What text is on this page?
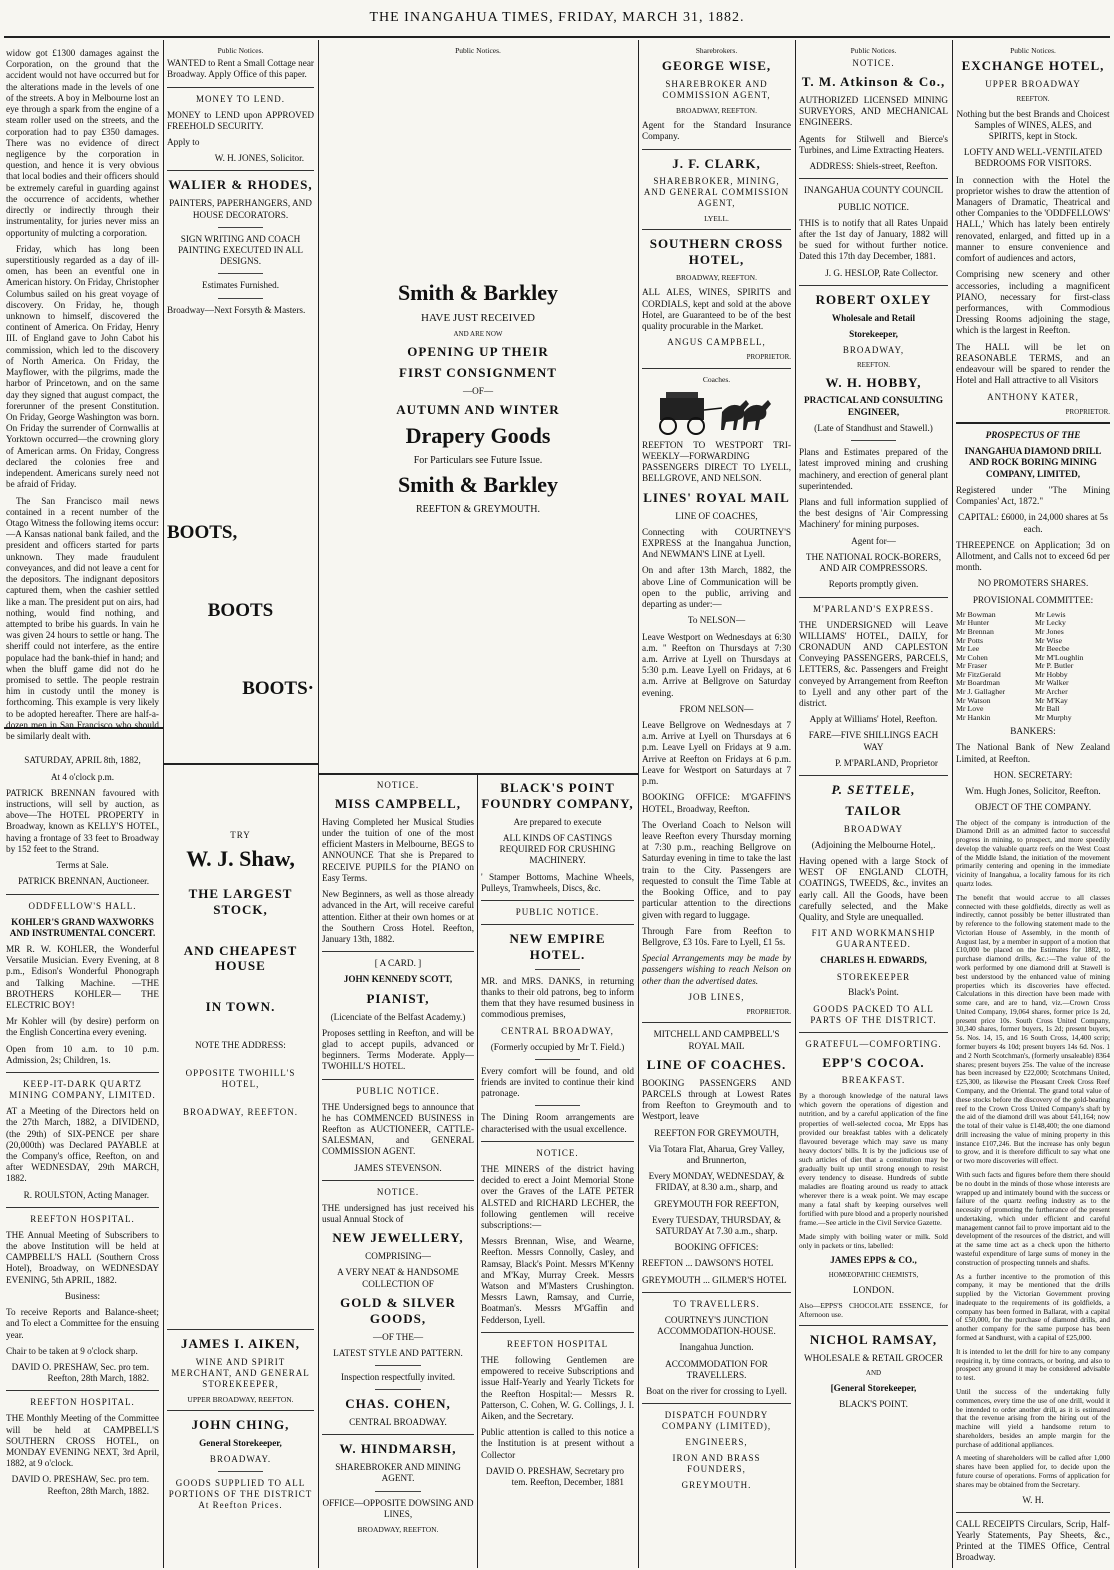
THE INANGAHUA TIMES, FRIDAY, MARCH 31, 1882.

widow got £1300 damages against the Corporation, on the ground that the accident would not have occurred but for the alterations made in the levels of one of the streets. A boy in Melbourne lost an eye through a spark from the engine of a steam roller used on the streets, and the corporation had to pay £350 damages. There was no evidence of direct negligence by the corporation in question, and hence it is very obvious that local bodies and their officers should be extremely careful in guarding against the occurrence of accidents, whether directly or indirectly through their instrumentality, for juries never miss an opportunity of mulcting a corporation.

Friday, which has long been superstitiously regarded as a day of ill-omen, has been an eventful one in American history. On Friday, Christopher Columbus sailed on his great voyage of discovery. On Friday, he, though unknown to himself, discovered the continent of America. On Friday, Henry III. of England gave to John Cabot his commission, which led to the discovery of North America. On Friday, the Mayflower, with the pilgrims, made the harbor of Princetown, and on the same day they signed that august compact, the forerunner of the present Constitution. On Friday, George Washington was born. On Friday the surrender of Cornwallis at Yorktown occurred—the crowning glory of American arms. On Friday, Congress declared the colonies free and independent. Americans surely need not be afraid of Friday.

The San Francisco mail news contained in a recent number of the Otago Witness the following items occur:—A Kansas national bank failed, and the president and officers started for parts unknown. They made fraudulent conveyances, and did not leave a cent for the depositors. The indignant depositors captured them, when the cashier settled like a man. The president put on airs, had nothing, would find nothing, and attempted to bribe his guards. In vain he was given 24 hours to settle or hang. The sheriff could not interfere, as the entire populace had the bank-thief in hand; and when the bluff game did not do he promised to settle. The people restrain him in custody until the money is forthcoming. This example is very likely to be adopted hereafter. There are half-a-dozen men in San Francisco who should be similarly dealt with.

SATURDAY, APRIL 8th, 1882,

At 4 o'clock p.m.

PATRICK BRENNAN favoured with instructions, will sell by auction, as above—The HOTEL PROPERTY in Broadway, known as KELLY'S HOTEL, having a frontage of 33 feet to Broadway by 152 feet to the Strand.

Terms at Sale.

PATRICK BRENNAN, Auctioneer.

ODDFELLOW'S HALL.

KOHLER'S GRAND WAXWORKS AND INSTRUMENTAL CONCERT.

MR R. W. KOHLER, the Wonderful Versatile Musician. Every Evening, at 8 p.m., Edison's Wonderful Phonograph and Talking Machine. —THE BROTHERS KOHLER— THE ELECTRIC BOY!

Mr Kohler will (by desire) perform on the English Concertina every evening.

Open from 10 a.m. to 10 p.m. Admission, 2s; Children, 1s.

KEEP-IT-DARK QUARTZ MINING COMPANY, LIMITED.

AT a Meeting of the Directors held on the 27th March, 1882, a DIVIDEND, (the 29th) of SIX-PENCE per share (20,000th) was Declared PAYABLE at the Company's office, Reefton, on and after WEDNESDAY, 29th MARCH, 1882.

R. ROULSTON, Acting Manager.

REEFTON HOSPITAL.

THE Annual Meeting of Subscribers to the above Institution will be held at CAMPBELL'S HALL (Southern Cross Hotel), Broadway, on WEDNESDAY EVENING, 5th APRIL, 1882.

Business:

To receive Reports and Balance-sheet; and To elect a Committee for the ensuing year.

Chair to be taken at 9 o'clock sharp.

DAVID O. PRESHAW, Sec. pro tem. Reefton, 28th March, 1882.

REEFTON HOSPITAL.

THE Monthly Meeting of the Committee will be held at CAMPBELL'S SOUTHERN CROSS HOTEL, on MONDAY EVENING NEXT, 3rd April, 1882, at 9 o'clock.

DAVID O. PRESHAW, Sec. pro tem. Reefton, 28th March, 1882.

Public Notices.

WANTED to Rent a Small Cottage near Broadway. Apply Office of this paper.

MONEY TO LEND.

MONEY to LEND upon APPROVED FREEHOLD SECURITY.

Apply to

W. H. JONES, Solicitor.

WALIER & RHODES,

PAINTERS, PAPERHANGERS, AND HOUSE DECORATORS.

SIGN WRITING AND COACH PAINTING EXECUTED IN ALL DESIGNS.

Estimates Furnished.

Broadway—Next Forsyth & Masters.

BOOTS,

BOOTS

BOOTS·

Public Notices.

Smith & Barkley

HAVE JUST RECEIVED

AND ARE NOW

OPENING UP THEIR

FIRST CONSIGNMENT

—OF—

AUTUMN AND WINTER

Drapery Goods

For Particulars see Future Issue.

Smith & Barkley

REEFTON & GREYMOUTH.

TRY

W. J. Shaw,

THE LARGEST STOCK,

AND CHEAPEST HOUSE

IN TOWN.

NOTE THE ADDRESS:

OPPOSITE TWOHILL'S HOTEL,

BROADWAY, REEFTON.

JAMES I. AIKEN,

WINE AND SPIRIT MERCHANT, AND GENERAL STOREKEEPER,

UPPER BROADWAY, REEFTON.

JOHN CHING,

General Storekeeper,

BROADWAY.

GOODS SUPPLIED TO ALL PORTIONS OF THE DISTRICT At Reefton Prices.

NOTICE.

MISS CAMPBELL,

Having Completed her Musical Studies under the tuition of one of the most efficient Masters in Melbourne, BEGS to ANNOUNCE That she is Prepared to RECEIVE PUPILS for the PIANO on Easy Terms.

New Beginners, as well as those already advanced in the Art, will receive careful attention. Either at their own homes or at the Southern Cross Hotel. Reefton, January 13th, 1882.

[ A CARD. ]

JOHN KENNEDY SCOTT,

PIANIST,

(Licenciate of the Belfast Academy.)

Proposes settling in Reefton, and will be glad to accept pupils, advanced or beginners. Terms Moderate. Apply—TWOHILL'S HOTEL.

PUBLIC NOTICE.

THE Undersigned begs to announce that he has COMMENCED BUSINESS in Reefton as AUCTIONEER, CATTLE-SALESMAN, and GENERAL COMMISSION AGENT.

JAMES STEVENSON.

NOTICE.

THE undersigned has just received his usual Annual Stock of

NEW JEWELLERY,

COMPRISING—

A VERY NEAT & HANDSOME COLLECTION OF

GOLD & SILVER GOODS,

—OF THE—

LATEST STYLE AND PATTERN.

Inspection respectfully invited.

CHAS. COHEN,

CENTRAL BROADWAY.

W. HINDMARSH,

SHAREBROKER AND MINING AGENT.

OFFICE—OPPOSITE DOWSING AND LINES,

BROADWAY, REEFTON.

BLACK'S POINT FOUNDRY COMPANY,

Are prepared to execute

ALL KINDS OF CASTINGS REQUIRED FOR CRUSHING MACHINERY.

' Stamper Bottoms, Machine Wheels, Pulleys, Tramwheels, Discs, &c.

PUBLIC NOTICE.

NEW EMPIRE HOTEL.

MR. and MRS. DANKS, in returning thanks to their old patrons, beg to inform them that they have resumed business in commodious premises,

CENTRAL BROADWAY,

(Formerly occupied by Mr T. Field.)

Every comfort will be found, and old friends are invited to continue their kind patronage.

The Dining Room arrangements are characterised with the usual excellence.

NOTICE.

THE MINERS of the district having decided to erect a Joint Memorial Stone over the Graves of the LATE PETER ALSTED and RICHARD LECHER, the following gentlemen will receive subscriptions:—

Messrs Brennan, Wise, and Wearne, Reefton. Messrs Connolly, Casley, and Ramsay, Black's Point. Messrs M'Kenny and M'Kay, Murray Creek. Messrs Watson and M'Masters Crushington. Messrs Lawn, Ramsay, and Currie, Boatman's. Messrs M'Gaffin and Fedderson, Lyell.

REEFTON HOSPITAL

THE following Gentlemen are empowered to receive Subscriptions and issue Half-Yearly and Yearly Tickets for the Reefton Hospital:— Messrs R. Patterson, C. Cohen, W. G. Collings, J. I. Aiken, and the Secretary.

Public attention is called to this notice a the Institution is at present without a Collector

DAVID O. PRESHAW, Secretary pro tem. Reefton, December, 1881

Sharebrokers.

GEORGE WISE,

SHAREBROKER AND COMMISSION AGENT,

BROADWAY, REEFTON.

Agent for the Standard Insurance Company.

J. F. CLARK,

SHAREBROKER, MINING, AND GENERAL COMMISSION AGENT,

LYELL.

SOUTHERN CROSS HOTEL,

BROADWAY, REEFTON.

ALL ALES, WINES, SPIRITS and CORDIALS, kept and sold at the above Hotel, are Guaranteed to be of the best quality procurable in the Market.

ANGUS CAMPBELL,

PROPRIETOR.

Coaches.

REEFTON TO WESTPORT TRI-WEEKLY—FORWARDING PASSENGERS DIRECT TO LYELL, BELLGROVE, AND NELSON.

LINES' ROYAL MAIL

LINE OF COACHES,

Connecting with COURTNEY'S EXPRESS at the Inangahua Junction, And NEWMAN'S LINE at Lyell.

On and after 13th March, 1882, the above Line of Communication will be open to the public, arriving and departing as under:—

To NELSON—

Leave Westport on Wednesdays at 6:30 a.m. " Reefton on Thursdays at 7:30 a.m. Arrive at Lyell on Thursdays at 5:30 p.m. Leave Lyell on Fridays, at 6 a.m. Arrive at Bellgrove on Saturday evening.

FROM NELSON—

Leave Bellgrove on Wednesdays at 7 a.m. Arrive at Lyell on Thursdays at 6 p.m. Leave Lyell on Fridays at 9 a.m. Arrive at Reefton on Fridays at 6 p.m. Leave for Westport on Saturdays at 7 p.m.

BOOKING OFFICE: M'GAFFIN'S HOTEL, Broadway, Reefton.

The Overland Coach to Nelson will leave Reefton every Thursday morning at 7:30 p.m., reaching Bellgrove on Saturday evening in time to take the last train to the City. Passengers are requested to consult the Time Table at the Booking Office, and to pay particular attention to the directions given with regard to luggage.

Through Fare from Reefton to Bellgrove, £3 10s. Fare to Lyell, £1 5s.

Special Arrangements may be made by passengers wishing to reach Nelson on other than the advertised dates.

JOB LINES,

PROPRIETOR.

MITCHELL AND CAMPBELL'S ROYAL MAIL

LINE OF COACHES.

BOOKING PASSENGERS AND PARCELS through at Lowest Rates from Reefton to Greymouth and to Westport, leave

REEFTON FOR GREYMOUTH,

Via Totara Flat, Aharua, Grey Valley, and Brunnerton,

Every MONDAY, WEDNESDAY, & FRIDAY, at 8.30 a.m., sharp, and

GREYMOUTH FOR REEFTON,

Every TUESDAY, THURSDAY, & SATURDAY At 7.30 a.m., sharp.

BOOKING OFFICES:

REEFTON ... DAWSON'S HOTEL

GREYMOUTH ... GILMER'S HOTEL

TO TRAVELLERS.

COURTNEY'S JUNCTION ACCOMMODATION-HOUSE.

Inangahua Junction.

ACCOMMODATION FOR TRAVELLERS.

Boat on the river for crossing to Lyell.

DISPATCH FOUNDRY COMPANY (LIMITED),

ENGINEERS,

IRON AND BRASS FOUNDERS,

GREYMOUTH.

Public Notices.

NOTICE.

T. M. Atkinson & Co.,

AUTHORIZED LICENSED MINING SURVEYORS, AND MECHANICAL ENGINEERS.

Agents for Stilwell and Bierce's Turbines, and Lime Extracting Heaters.

ADDRESS: Shiels-street, Reefton.

INANGAHUA COUNTY COUNCIL

PUBLIC NOTICE.

THIS is to notify that all Rates Unpaid after the 1st day of January, 1882 will be sued for without further notice. Dated this 17th day December, 1881.

J. G. HESLOP, Rate Collector.

ROBERT OXLEY

Wholesale and Retail

Storekeeper,

BROADWAY,

REEFTON.

W. H. HOBBY,

PRACTICAL AND CONSULTING ENGINEER,

(Late of Standhust and Stawell.)

Plans and Estimates prepared of the latest improved mining and crushing machinery, and erection of general plant superintended.

Plans and full information supplied of the best designs of 'Air Compressing Machinery' for mining purposes.

Agent for—

THE NATIONAL ROCK-BORERS, AND AIR COMPRESSORS.

Reports promptly given.

M'PARLAND'S EXPRESS.

THE UNDERSIGNED will Leave WILLIAMS' HOTEL, DAILY, for CRONADUN AND CAPLESTON Conveying PASSENGERS, PARCELS, LETTERS, &c. Passengers and Freight conveyed by Arrangement from Reefton to Lyell and any other part of the district.

Apply at Williams' Hotel, Reefton.

FARE—FIVE SHILLINGS EACH WAY

P. M'PARLAND, Proprietor

P. SETTELE,

TAILOR

BROADWAY

(Adjoining the Melbourne Hotel,.

Having opened with a large Stock of WEST OF ENGLAND CLOTH, COATINGS, TWEEDS, &c., invites an early call. All the Goods, have been carefully selected, and the Make Quality, and Style are unequalled.

FIT AND WORKMANSHIP GUARANTEED.

CHARLES H. EDWARDS,

STOREKEEPER

Black's Point.

GOODS PACKED TO ALL PARTS OF THE DISTRICT.

GRATEFUL—COMFORTING.

EPP'S COCOA.

BREAKFAST.

By a thorough knowledge of the natural laws which govern the operations of digestion and nutrition, and by a careful application of the fine properties of well-selected cocoa, Mr Epps has provided our breakfast tables with a delicately flavoured beverage which may save us many heavy doctors' bills. It is by the judicious use of such articles of diet that a constitution may be gradually built up until strong enough to resist every tendency to disease. Hundreds of subtle maladies are floating around us ready to attack wherever there is a weak point. We may escape many a fatal shaft by keeping ourselves well fortified with pure blood and a properly nourished frame.—See article in the Civil Service Gazette.

Made simply with boiling water or milk. Sold only in packets or tins, labelled:

JAMES EPPS & CO.,

HOMŒOPATHIC CHEMISTS,

LONDON.

Also—EPPS'S CHOCOLATE ESSENCE, for Afternoon use.

NICHOL RAMSAY,

WHOLESALE & RETAIL GROCER

AND

[General Storekeeper,

BLACK'S POINT.

Public Notices.

EXCHANGE HOTEL,

UPPER BROADWAY

REEFTON.

Nothing but the best Brands and Choicest Samples of WINES, ALES, and SPIRITS, kept in Stock.

LOFTY AND WELL-VENTILATED BEDROOMS FOR VISITORS.

In connection with the Hotel the proprietor wishes to draw the attention of Managers of Dramatic, Theatrical and other Companies to the 'ODDFELLOWS' HALL,' Which has lately been entirely renovated, enlarged, and fitted up in a manner to ensure convenience and comfort of audiences and actors,

Comprising new scenery and other accessories, including a magnificent PIANO, necessary for first-class performances, with Commodious Dressing Rooms adjoining the stage, which is the largest in Reefton.

The HALL will be let on REASONABLE TERMS, and an endeavour will be spared to render the Hotel and Hall attractive to all Visitors

ANTHONY KATER,

PROPRIETOR.

PROSPECTUS OF THE

INANGAHUA DIAMOND DRILL AND ROCK BORING MINING COMPANY, LIMITED,

Registered under "The Mining Companies' Act, 1872."

CAPITAL: £6000, in 24,000 shares at 5s each.

THREEPENCE on Application; 3d on Allotment, and Calls not to exceed 6d per month.

NO PROMOTERS SHARES.

PROVISIONAL COMMITTEE:

Mr Bowman
Mr Hunter
Mr Brennan
Mr Potts
Mr Lee
Mr Cohen
Mr Fraser
Mr FitzGerald
Mr Boardman
Mr J. Gallagher
Mr Watson
Mr Love
Mr Hankin
Mr Lewis
Mr Lecky
Mr Jones
Mr Wise
Mr Beecbe
Mr M'Loughlin
Mr P. Butler
Mr Hobby
Mr Walker
Mr Archer
Mr M'Kay
Mr Ball
Mr Murphy

BANKERS:

The National Bank of New Zealand Limited, at Reefton.

HON. SECRETARY:

Wm. Hugh Jones, Solicitor, Reefton.

OBJECT OF THE COMPANY.

The object of the company is introduction of the Diamond Drill as an admitted factor to successful progress in mining, to prospect, and more speedily develop the valuable quartz reefs on the West Coast of the Middle Island, the initiation of the movement primarily centering and opening in the immediate vicinity of Inangahua, a locality famous for its rich quartz lodes.

The benefit that would accrue to all classes connected with these goldfields, directly as well as indirectly, cannot possibly be better illustrated than by reference to the following statement made to the Victorian House of Assembly, in the month of August last, by a member in support of a motion that £10,000 be placed on the Estimates for 1882, to purchase diamond drills, &c.:—The value of the work performed by one diamond drill at Stawell is best understood by the enhanced value of mining properties which its discoveries have effected. Calculations in this direction have been made with some care, and are to hand, viz.—Crown Cross United Company, 19,064 shares, former price 1s 2d, present price 10s. South Cross United Company, 30,340 shares, former buyers, 1s 2d; present buyers, 5s. Nos. 14, 15, and 16 South Cross, 14,400 scrip; former buyers 4s 10d; present buyers 14s 6d. Nos. 1 and 2 North Scotchman's, (formerly unsaleable) 8364 shares; present buyers 25s. The value of the increase has been increased by £22,000; Scotchmans United, £25,300, as likewise the Pleasant Creek Cross Reef Company, and the Oriental. The grand total value of these stocks before the discovery of the gold-bearing reef to the Crown Cross United Company's shaft by the aid of the diamond drill was about £41,164; now the total of their value is £148,400; the one diamond drill increasing the value of mining property in this instance £107,246. But the increase has only begun to grow, and it is therefore difficult to say what one or two more discoveries will effect.

With such facts and figures before them there should be no doubt in the minds of those whose interests are wrapped up and intimately bound with the success or failure of the quartz reefing industry as to the necessity of promoting the furtherance of the present undertaking, which under efficient and careful management cannot fail to prove important aid to the development of the resources of the district, and will at the same time act as a check upon the hitherto wasteful expenditure of large sums of money in the construction of prospecting tunnels and shafts.

As a further incentive to the promotion of this company, it may be mentioned that the drills supplied by the Victorian Government proving inadequate to the requirements of its goldfields, a company has been formed in Ballarat, with a capital of £50,000, for the purchase of diamond drills, and another company for the same purpose has been formed at Sandhurst, with a capital of £25,000.

It is intended to let the drill for hire to any company requiring it, by time contracts, or boring, and also to prospect any ground it may be considered advisable to test.

Until the success of the undertaking fully commences, every time the use of one drill, would it be intended to order another drill, as it is estimated that the revenue arising from the hiring out of the machine will yield a handsome return to shareholders, besides an ample margin for the purchase of additional appliances.

A meeting of shareholders will be called after 1,000 shares have been applied for, to decide upon the future course of operations. Forms of application for shares may be obtained from the Secretary.

W. H.

CALL RECEIPTS Circulars, Scrip, Half-Yearly Statements, Pay Sheets, &c., Printed at the TIMES Office, Central Broadway.
